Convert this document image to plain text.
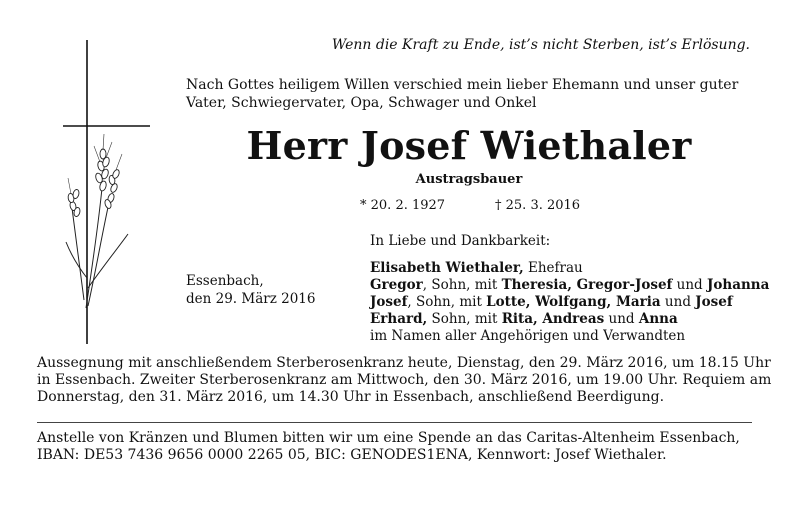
Wenn die Kraft zu Ende, ist’s nicht Sterben, ist’s Erlösung.
Nach Gottes heiligem Willen verschied mein lieber Ehemann und unser guter
Vater, Schwiegervater, Opa, Schwager und Onkel
Herr Josef Wiethaler
Austragsbauer
* 20. 2. 1927	† 25. 3. 2016
Essenbach,
den 29. März 2016
In Liebe und Dankbarkeit:
Elisabeth Wiethaler, Ehefrau
Gregor, Sohn, mit Theresia, Gregor-Josef und Johanna
Josef, Sohn, mit Lotte, Wolfgang, Maria und Josef
Erhard, Sohn, mit Rita, Andreas und Anna
im Namen aller Angehörigen und Verwandten
Aussegnung mit anschließendem Sterberosenkranz heute, Dienstag, den 29. März 2016, um 18.15 Uhr
in Essenbach. Zweiter Sterberosenkranz am Mittwoch, den 30. März 2016, um 19.00 Uhr. Requiem am
Donnerstag, den 31. März 2016, um 14.30 Uhr in Essenbach, anschließend Beerdigung.
Anstelle von Kränzen und Blumen bitten wir um eine Spende an das Caritas-Altenheim Essenbach,
IBAN: DE53 7436 9656 0000 2265 05, BIC: GENODES1ENA, Kennwort: Josef Wiethaler.
